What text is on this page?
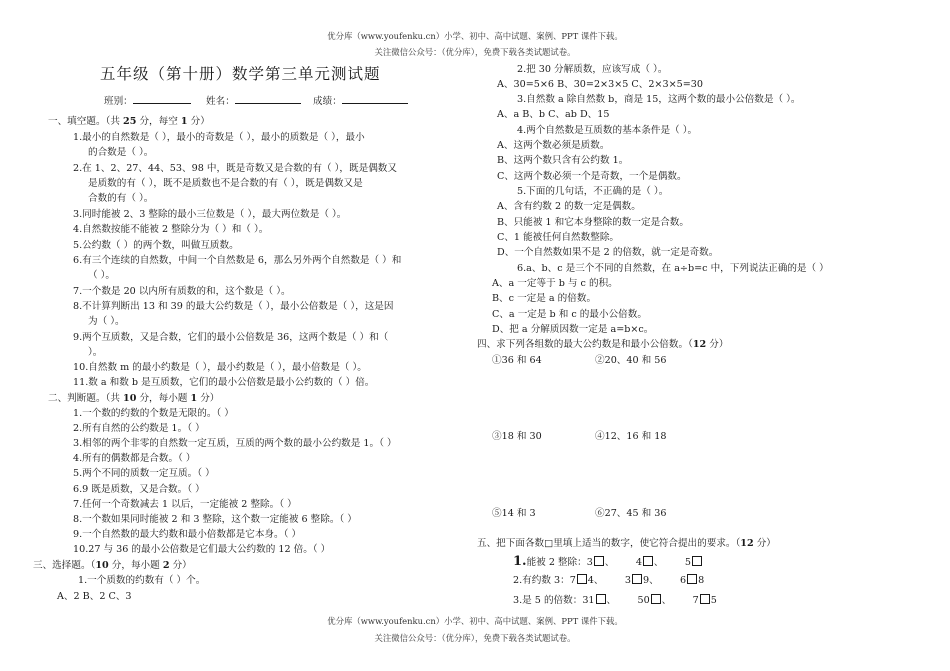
优分库（www.youfenku.cn）小学、初中、高中试题、案例、PPT 课件下载。
关注微信公众号：（优分库），免费下载各类试题试卷。
五年级（第十册）数学第三单元测试题
班别：	姓名：	成绩：
一、填空题。（共 25 分，每空 1 分）
1.最小的自然数是（ ），最小的奇数是（ ），最小的质数是（ ），最小
的合数是（ ）。
2.在 1、2、27、44、53、98 中，既是奇数又是合数的有（ ），既是偶数又
是质数的有（ ），既不是质数也不是合数的有（ ），既是偶数又是
合数的有（ ）。
3.同时能被 2、3 整除的最小三位数是（ ），最大两位数是（ ）。
4.自然数按能不能被 2 整除分为（ ）和（ ）。
5.公约数（ ）的两个数，叫做互质数。
6.有三个连续的自然数，中间一个自然数是 6，那么另外两个自然数是（ ）和
（ ）。
7.一个数是 20 以内所有质数的和，这个数是（ ）。
8.不计算判断出 13 和 39 的最大公约数是（ ），最小公倍数是（ ），这是因
为（ ）。
9.两个互质数，又是合数，它们的最小公倍数是 36，这两个数是（ ）和（
）。
10.自然数 m 的最小约数是（ ），最小约数是（ ），最小倍数是（ ）。
11.数 a 和数 b 是互质数，它们的最小公倍数是最小公约数的（ ）倍。
二、判断题。（共 10 分，每小题 1 分）
1.一个数的约数的个数是无限的。（ ）
2.所有自然的公约数是 1。（ ）
3.相邻的两个非零的自然数一定互质，互质的两个数的最小公约数是 1。（ ）
4.所有的偶数都是合数。（ ）
5.两个不同的质数一定互质。（ ）
6.9 既是质数，又是合数。（ ）
7.任何一个奇数减去 1 以后，一定能被 2 整除。（ ）
8.一个数如果同时能被 2 和 3 整除，这个数一定能被 6 整除。（ ）
9.一个自然数的最大约数和最小倍数都是它本身。（ ）
10.27 与 36 的最小公倍数是它们最大公约数的 12 倍。（ ）
三、选择题。（10 分，每小题 2 分）
1.一个质数的约数有（ ）个。
A、2 B、2 C、3
2.把 30 分解质数，应该写成（ ）。
A、30=5×6 B、30=2×3×5 C、2×3×5=30
3.自然数 a 除自然数 b，商是 15，这两个数的最小公倍数是（ ）。
A、a B、b C、ab D、15
4.两个自然数是互质数的基本条件是（ ）。
A、这两个数必须是质数。
B、这两个数只含有公约数 1。
C、这两个数必须一个是奇数，一个是偶数。
5.下面的几句话，不正确的是（ ）。
A、含有约数 2 的数一定是偶数。
B、只能被 1 和它本身整除的数一定是合数。
C、1 能被任何自然数整除。
D、一个自然数如果不是 2 的倍数，就一定是奇数。
6.a、b、c 是三个不同的自然数，在 a÷b=c 中，下列说法正确的是（ ）
A、a 一定等于 b 与 c 的积。
B、c 一定是 a 的倍数。
C、a 一定是 b 和 c 的最小公倍数。
D、把 a 分解质因数一定是 a=b×c。
四、求下列各组数的最大公约数是和最小公倍数。（12 分）
①36 和 64	②20、40 和 56
③18 和 30	④12、16 和 18
⑤14 和 3	⑥27、45 和 36
五、把下面各数□里填上适当的数字，使它符合提出的要求。（12 分）
1.能被 2 整除：3 、       4 、       5
2.有约数 3：7 4、 3 9、 6 8
3.是 5 的倍数：31 、 50 、 7 5
优分库（www.youfenku.cn）小学、初中、高中试题、案例、PPT 课件下载。
关注微信公众号：（优分库），免费下载各类试题试卷。
